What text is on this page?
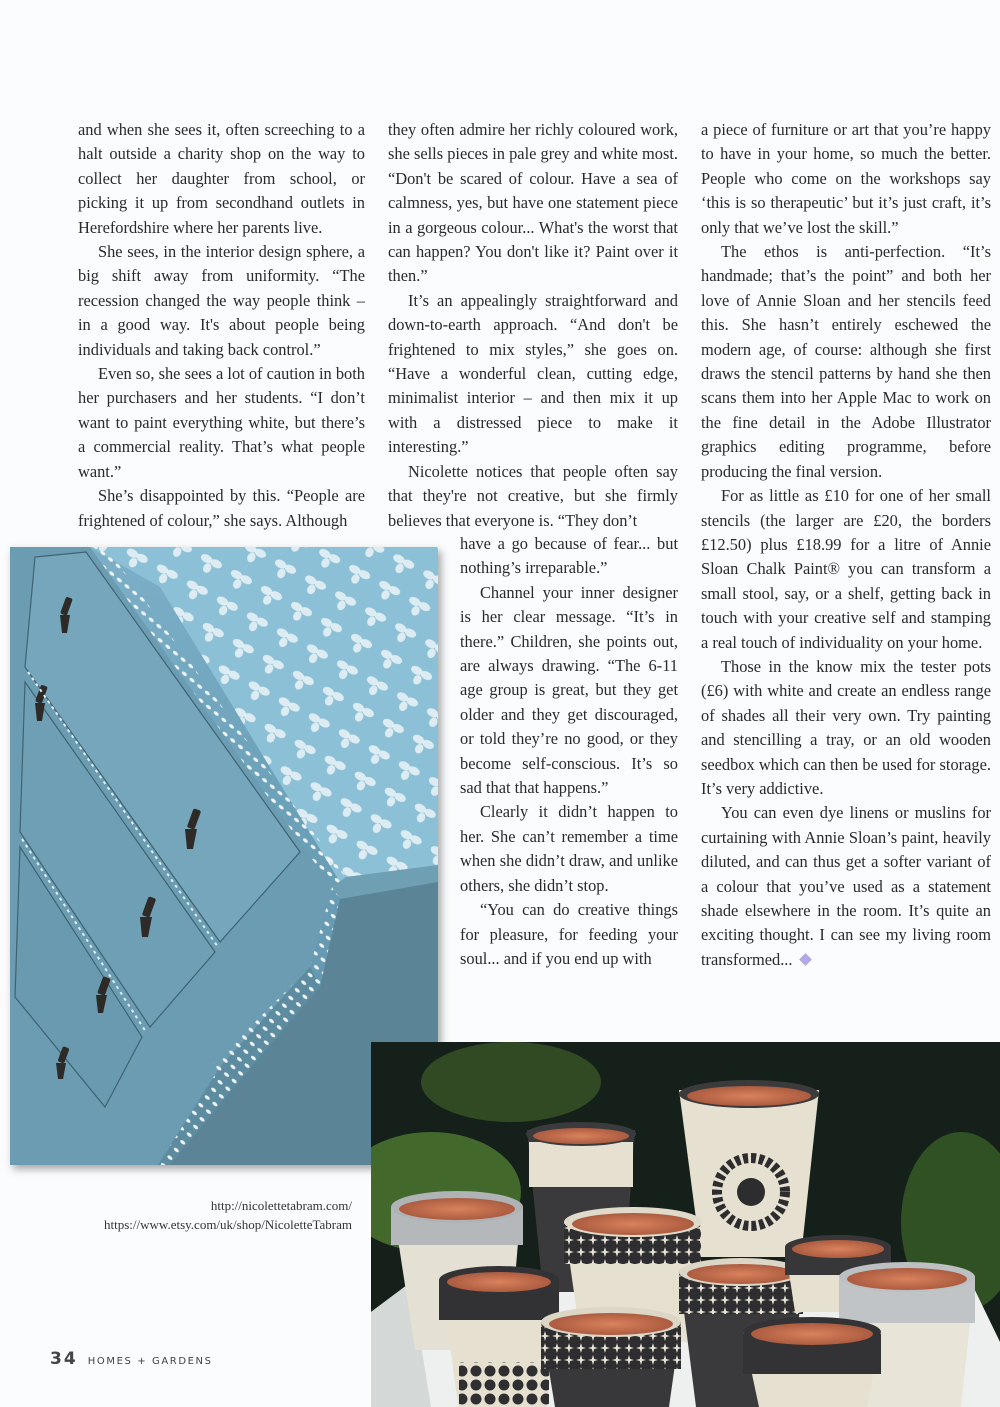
and when she sees it, often screeching to a halt outside a charity shop on the way to collect her daughter from school, or picking it up from secondhand outlets in Herefordshire where her parents live.

She sees, in the interior design sphere, a big shift away from uniformity. “The recession changed the way people think – in a good way. It's about people being individuals and taking back control.”

Even so, she sees a lot of caution in both her purchasers and her students. “I don’t want to paint everything white, but there’s a commercial reality. That’s what people want.”

She’s disappointed by this. “People are frightened of colour,” she says. Although

they often admire her richly coloured work, she sells pieces in pale grey and white most. “Don't be scared of colour. Have a sea of calmness, yes, but have one statement piece in a gorgeous colour... What's the worst that can happen? You don't like it? Paint over it then.”

It’s an appealingly straightforward and down-to-earth approach. “And don't be frightened to mix styles,” she goes on. “Have a wonderful clean, cutting edge, minimalist interior – and then mix it up with a distressed piece to make it interesting.”

Nicolette notices that people often say that they're not creative, but she firmly believes that everyone is. “They don’t

have a go because of fear... but nothing’s irreparable.”

Channel your inner designer is her clear message. “It’s in there.” Children, she points out, are always drawing. “The 6-11 age group is great, but they get older and they get discouraged, or told they’re no good, or they become self-conscious. It’s so sad that that happens.”

Clearly it didn’t happen to her. She can’t remember a time when she didn’t draw, and unlike others, she didn’t stop.

“You can do creative things for pleasure, for feeding your soul... and if you end up with

a piece of furniture or art that you’re happy to have in your home, so much the better. People who come on the workshops say ‘this is so therapeutic’ but it’s just craft, it’s only that we’ve lost the skill.”

The ethos is anti-perfection. “It’s handmade; that’s the point” and both her love of Annie Sloan and her stencils feed this. She hasn’t entirely eschewed the modern age, of course: although she first draws the stencil patterns by hand she then scans them into her Apple Mac to work on the fine detail in the Adobe Illustrator graphics editing programme, before producing the final version.

For as little as £10 for one of her small stencils (the larger are £20, the borders £12.50) plus £18.99 for a litre of Annie Sloan Chalk Paint® you can transform a small stool, say, or a shelf, getting back in touch with your creative self and stamping a real touch of individuality on your home.

Those in the know mix the tester pots (£6) with white and create an endless range of shades all their very own. Try painting and stencilling a tray, or an old wooden seedbox which can then be used for storage. It’s very addictive.

You can even dye linens or muslins for curtaining with Annie Sloan’s paint, heavily diluted, and can thus get a softer variant of a colour that you’ve used as a statement shade elsewhere in the room. It’s quite an exciting thought. I can see my living room transformed...

http://nicolettetabram.com/
https://www.etsy.com/uk/shop/NicoletteTabram
34 HOMES + GARDENS
